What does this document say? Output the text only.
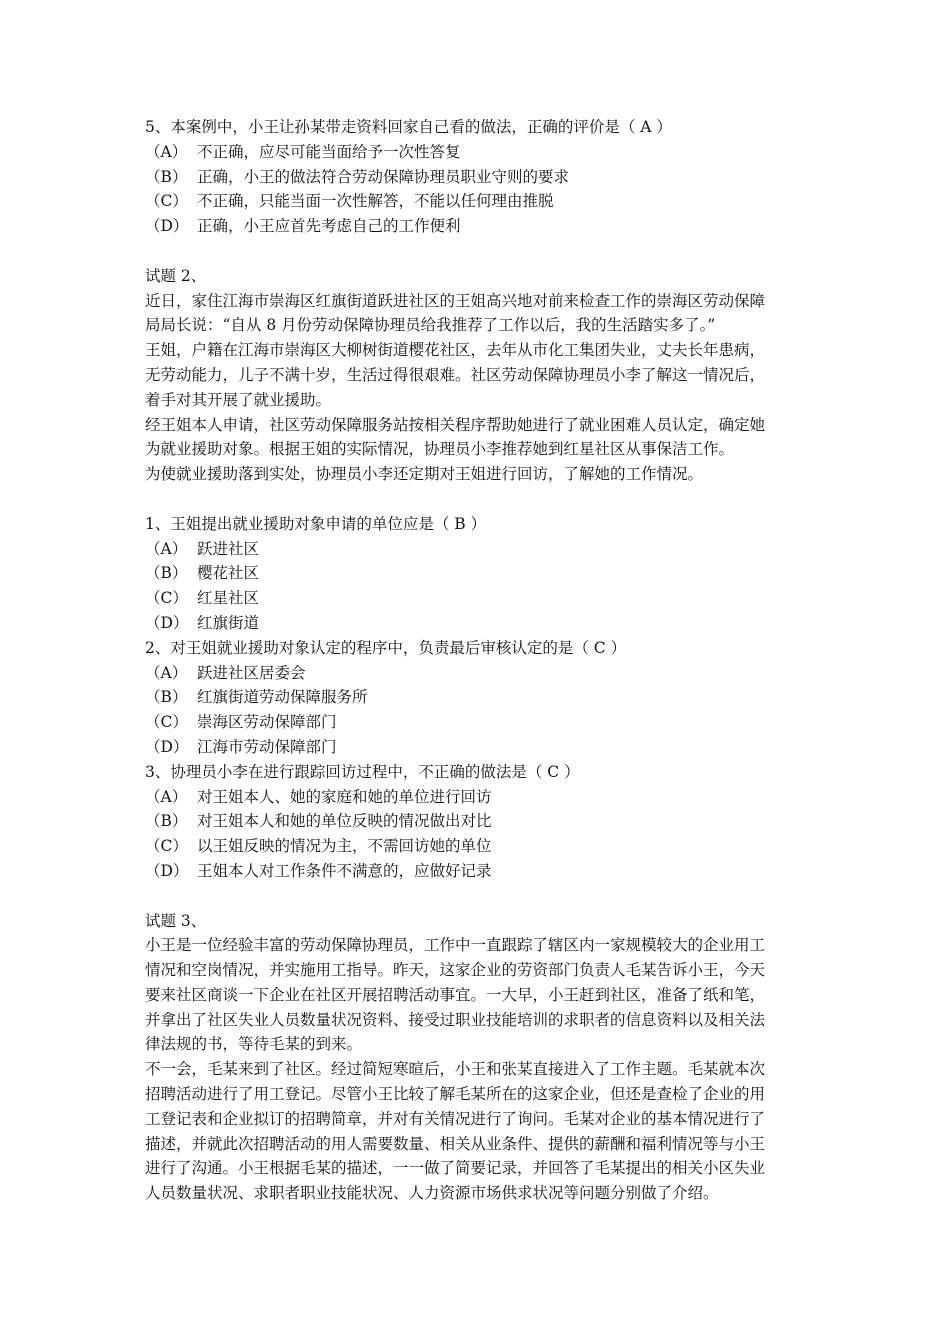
5、本案例中，小王让孙某带走资料回家自己看的做法，正确的评价是（ A ）
（A） 不正确，应尽可能当面给予一次性答复
（B） 正确，小王的做法符合劳动保障协理员职业守则的要求
（C） 不正确，只能当面一次性解答，不能以任何理由推脱
（D） 正确，小王应首先考虑自己的工作便利
试题 2、
近日，家住江海市崇海区红旗街道跃进社区的王姐高兴地对前来检查工作的崇海区劳动保障
局局长说：“自从 8 月份劳动保障协理员给我推荐了工作以后，我的生活踏实多了。”
王姐，户籍在江海市崇海区大柳树街道樱花社区，去年从市化工集团失业，丈夫长年患病，
无劳动能力，儿子不满十岁，生活过得很艰难。社区劳动保障协理员小李了解这一情况后，
着手对其开展了就业援助。
经王姐本人申请，社区劳动保障服务站按相关程序帮助她进行了就业困难人员认定，确定她
为就业援助对象。根据王姐的实际情况，协理员小李推荐她到红星社区从事保洁工作。
为使就业援助落到实处，协理员小李还定期对王姐进行回访，了解她的工作情况。
1、王姐提出就业援助对象申请的单位应是（ B ）
（A） 跃进社区
（B） 樱花社区
（C） 红星社区
（D） 红旗街道
2、对王姐就业援助对象认定的程序中，负责最后审核认定的是（ C ）
（A） 跃进社区居委会
（B） 红旗街道劳动保障服务所
（C） 崇海区劳动保障部门
（D） 江海市劳动保障部门
3、协理员小李在进行跟踪回访过程中，不正确的做法是（ C ）
（A） 对王姐本人、她的家庭和她的单位进行回访
（B） 对王姐本人和她的单位反映的情况做出对比
（C） 以王姐反映的情况为主，不需回访她的单位
（D） 王姐本人对工作条件不满意的，应做好记录
试题 3、
小王是一位经验丰富的劳动保障协理员，工作中一直跟踪了辖区内一家规模较大的企业用工
情况和空岗情况，并实施用工指导。昨天，这家企业的劳资部门负责人毛某告诉小王，今天
要来社区商谈一下企业在社区开展招聘活动事宜。一大早，小王赶到社区，准备了纸和笔，
并拿出了社区失业人员数量状况资料、接受过职业技能培训的求职者的信息资料以及相关法
律法规的书，等待毛某的到来。
不一会，毛某来到了社区。经过简短寒暄后，小王和张某直接进入了工作主题。毛某就本次
招聘活动进行了用工登记。尽管小王比较了解毛某所在的这家企业，但还是查检了企业的用
工登记表和企业拟订的招聘简章，并对有关情况进行了询问。毛某对企业的基本情况进行了
描述，并就此次招聘活动的用人需要数量、相关从业条件、提供的薪酬和福利情况等与小王
进行了沟通。小王根据毛某的描述，一一做了简要记录，并回答了毛某提出的相关小区失业
人员数量状况、求职者职业技能状况、人力资源市场供求状况等问题分别做了介绍。
